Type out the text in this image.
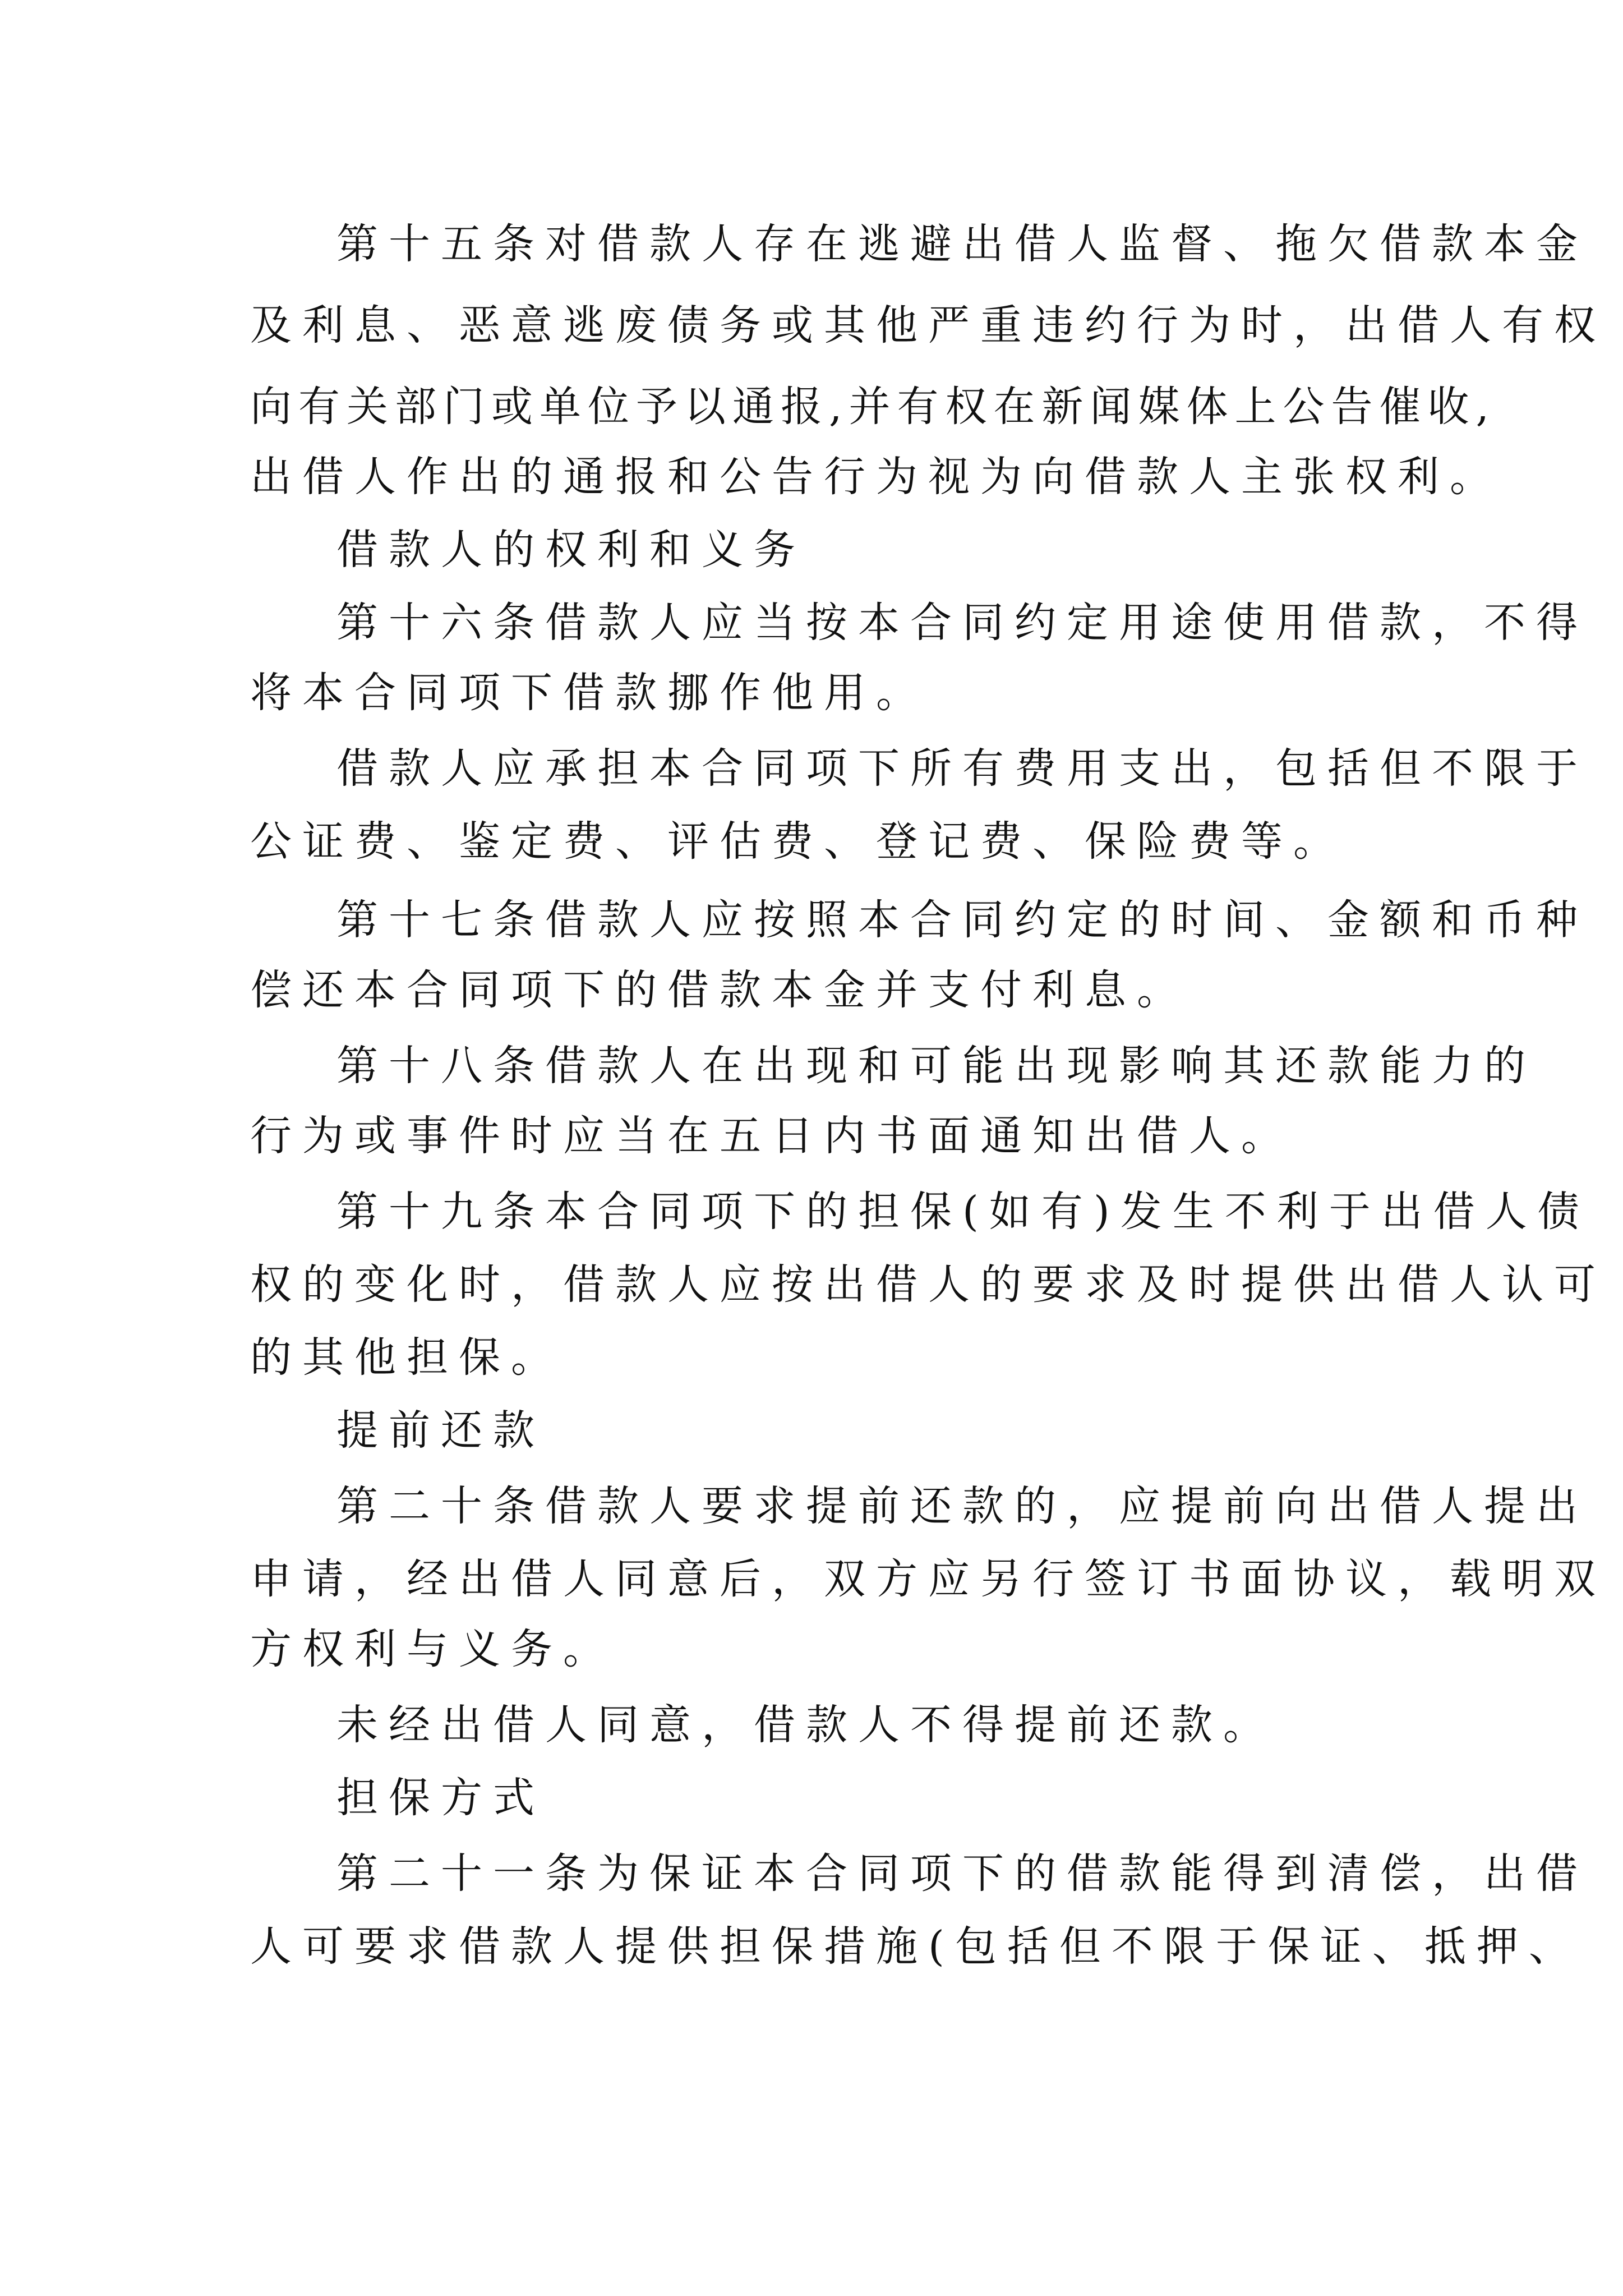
第十五条对借款人存在逃避出借人监督、拖欠借款本金
及利息、恶意逃废债务或其他严重违约行为时，出借人有权
向有关部门或单位予以通报,并有权在新闻媒体上公告催收,
出借人作出的通报和公告行为视为向借款人主张权利。
借款人的权利和义务
第十六条借款人应当按本合同约定用途使用借款，不得
将本合同项下借款挪作他用。
借款人应承担本合同项下所有费用支出，包括但不限于
公证费、鉴定费、评估费、登记费、保险费等。
第十七条借款人应按照本合同约定的时间、金额和币种
偿还本合同项下的借款本金并支付利息。
第十八条借款人在出现和可能出现影响其还款能力的
行为或事件时应当在五日内书面通知出借人。
第十九条本合同项下的担保(如有)发生不利于出借人债
权的变化时，借款人应按出借人的要求及时提供出借人认可
的其他担保。
提前还款
第二十条借款人要求提前还款的，应提前向出借人提出
申请，经出借人同意后，双方应另行签订书面协议，载明双
方权利与义务。
未经出借人同意，借款人不得提前还款。
担保方式
第二十一条为保证本合同项下的借款能得到清偿，出借
人可要求借款人提供担保措施(包括但不限于保证、抵押、
